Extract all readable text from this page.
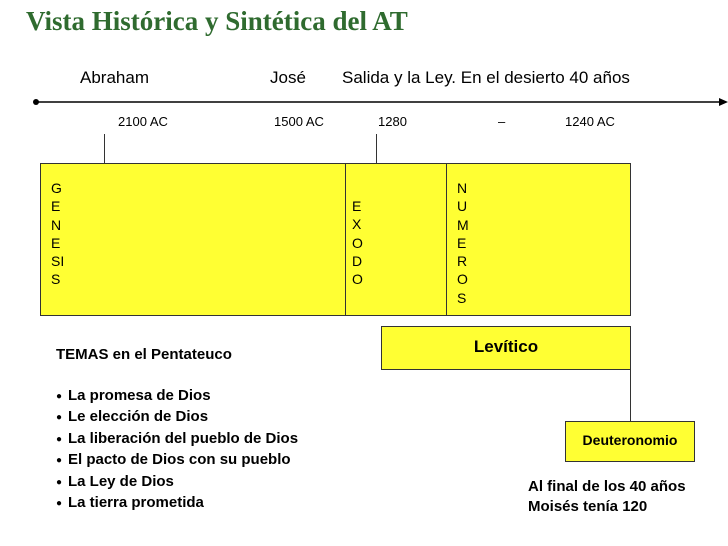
Vista Histórica y Sintética del AT
Abraham	José Salida y la Ley. En el desierto 40 años
2100 AC	1500 AC	1280	–	1240 AC
GENESIS
EXODO
NUMEROS
Levítico
Deuteronomio
TEMAS en el Pentateuco
● La promesa de Dios
● Le elección de Dios
● La liberación del pueblo de Dios
● El pacto de Dios con su pueblo
● La Ley de Dios
● La tierra prometida
Al final de los 40 años
Moisés tenía 120
